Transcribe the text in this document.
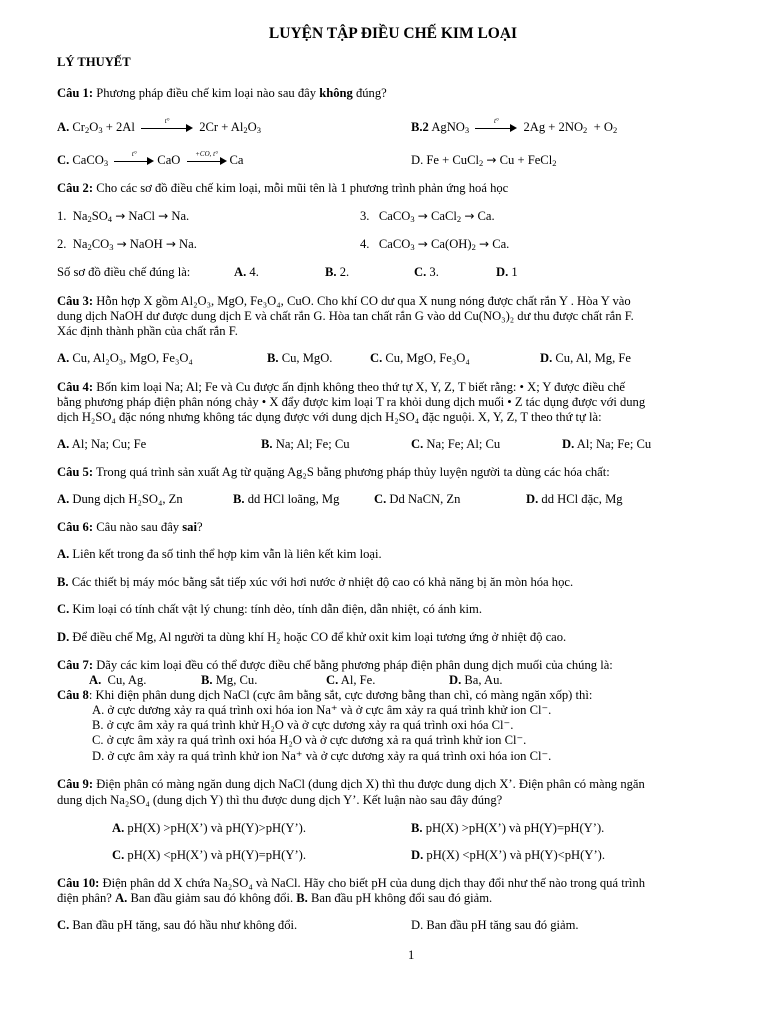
LUYỆN TẬP ĐIỀU CHẾ KIM LOẠI
LÝ THUYẾT
Câu 1: Phương pháp điều chế kim loại nào sau đây không đúng?
A. $Cr_2O_3 + 2Al$	t°	$2Cr + Al_2O_3$	B.2 AgNO$_3$
t°	$2Ag + 2NO_2 + O_2$
C. CaCO$_3$
t°	CaO	+CO, t° Ca	D. Fe + CuCl$_2$ → Cu + FeCl$_2$
Câu 2: Cho các sơ đồ điều chế kim loại, mỗi mũi tên là 1 phương trình phản ứng hoá học
1.  $Na_2SO_4$ → NaCl → Na.	3.   CaCO$_3$ → CaCl$_2$ → Ca.
2.  $Na_2CO_3$ → NaOH → Na.	4.   CaCO$_3$ → $Ca(OH)_2 \to Ca$.
Số sơ đồ điều chế đúng là:	A. 4.	B. 2.	C. 3.	D. 1
Câu 3: Hỗn hợp X gồm Al₂O₃, MgO, Fe₃O₄, CuO. Cho khí CO dư qua X nung nóng được chất rắn Y . Hòa Y vào
dung dịch NaOH dư được dung dịch E và chất rắn G. Hòa tan chất rắn G vào dd Cu(NO₃)₂ dư thu được chất rắn F.
Xác định thành phần của chất rắn F.
A. Cu, Al₂O₃, MgO, Fe₃O₄	B. Cu, MgO.	C. Cu, MgO, Fe₃O₄	D. Cu, Al, Mg, Fe
Câu 4: Bốn kim loại Na; Al; Fe và Cu được ấn định không theo thứ tự X, Y, Z, T biết rằng: • X; Y được điều chế
bằng phương pháp điện phân nóng chảy • X đẩy được kim loại T ra khỏi dung dịch muối • Z tác dụng được với dung
dịch H₂SO₄ đặc nóng nhưng không tác dụng được với dung dịch H₂SO₄ đặc nguội. X, Y, Z, T theo thứ tự là:
A. Al; Na; Cu; Fe	B. Na; Al; Fe; Cu	C. Na; Fe; Al; Cu	D. Al; Na; Fe; Cu
Câu 5: Trong quá trình sản xuất Ag từ quặng Ag₂S bằng phương pháp thủy luyện người ta dùng các hóa chất:
A. Dung dịch H₂SO₄, Zn	B. dd HCl loãng, Mg	C. Dd NaCN, Zn	D. dd HCl đặc, Mg
Câu 6: Câu nào sau đây sai?
A. Liên kết trong đa số tinh thể hợp kim vẫn là liên kết kim loại.
B. Các thiết bị máy móc bằng sắt tiếp xúc với hơi nước ở nhiệt độ cao có khả năng bị ăn mòn hóa học.
C. Kim loại có tính chất vật lý chung: tính dẻo, tính dẫn điện, dẫn nhiệt, có ánh kim.
D. Để điều chế Mg, Al người ta dùng khí H₂ hoặc CO để khử oxit kim loại tương ứng ở nhiệt độ cao.
Câu 7: Dãy các kim loại đều có thể được điều chế bằng phương pháp điện phân dung dịch muối của chúng là:
A. Cu, Ag.	B. Mg, Cu.	C. Al, Fe.	D. Ba, Au.
Câu 8: Khi điện phân dung dịch NaCl (cực âm bằng sắt, cực dương bằng than chì, có màng ngăn xốp) thì:
A. ở cực dương xảy ra quá trình oxi hóa ion Na⁺ và ở cực âm xảy ra quá trình khử ion Cl⁻.
B. ở cực âm xảy ra quá trình khử H₂O và ở cực dương xảy ra quá trình oxi hóa Cl⁻.
C. ở cực âm xảy ra quá trình oxi hóa H₂O và ở cực dương xả ra quá trình khử ion Cl⁻.
D. ở cực âm xảy ra quá trình khử ion Na⁺ và ở cực dương xảy ra quá trình oxi hóa ion Cl⁻.
Câu 9: Điện phân có màng ngăn dung dịch NaCl (dung dịch X) thì thu được dung dịch X’. Điện phân có màng ngăn
dung dịch Na₂SO₄ (dung dịch Y) thì thu được dung dịch Y’. Kết luận nào sau đây đúng?
A. pH(X) >pH(X’) và pH(Y)>pH(Y’).	B. pH(X) >pH(X’) và pH(Y)=pH(Y’).
C. pH(X) <pH(X’) và pH(Y)=pH(Y’).	D. pH(X) <pH(X’) và pH(Y)<pH(Y’).
Câu 10: Điện phân dd X chứa Na₂SO₄ và NaCl. Hãy cho biết pH của dung dịch thay đổi như thế nào trong quá trình
điện phân? A. Ban đầu giảm sau đó không đổi. B. Ban đầu pH không đổi sau đó giảm.
C. Ban đầu pH tăng, sau đó hầu như không đổi.	D. Ban đầu pH tăng sau đó giảm.
1
